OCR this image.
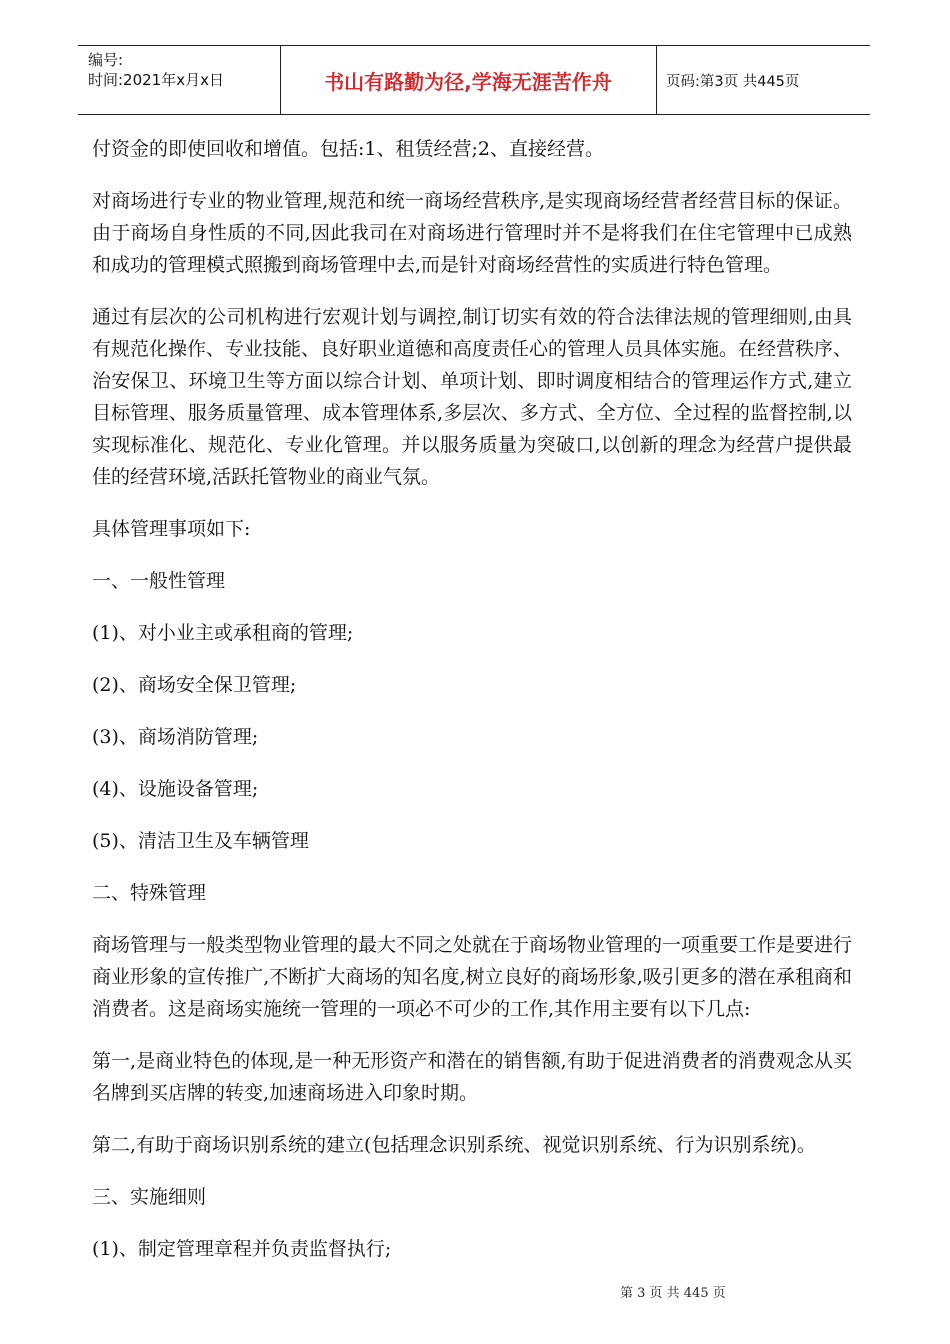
编号:
时间:2021年x月x日	书山有路勤为径,学海无涯苦作舟	页码:第3页 共445页

付资金的即使回收和增值。包括:1、租赁经营;2、直接经营。

对商场进行专业的物业管理,规范和统一商场经营秩序,是实现商场经营者经营目标的保证。由于商场自身性质的不同,因此我司在对商场进行管理时并不是将我们在住宅管理中已成熟和成功的管理模式照搬到商场管理中去,而是针对商场经营性的实质进行特色管理。

通过有层次的公司机构进行宏观计划与调控,制订切实有效的符合法律法规的管理细则,由具有规范化操作、专业技能、良好职业道德和高度责任心的管理人员具体实施。在经营秩序、治安保卫、环境卫生等方面以综合计划、单项计划、即时调度相结合的管理运作方式,建立目标管理、服务质量管理、成本管理体系,多层次、多方式、全方位、全过程的监督控制,以实现标准化、规范化、专业化管理。并以服务质量为突破口,以创新的理念为经营户提供最佳的经营环境,活跃托管物业的商业气氛。

具体管理事项如下:

一、一般性管理

(1)、对小业主或承租商的管理;

(2)、商场安全保卫管理;

(3)、商场消防管理;

(4)、设施设备管理;

(5)、清洁卫生及车辆管理

二、特殊管理

商场管理与一般类型物业管理的最大不同之处就在于商场物业管理的一项重要工作是要进行商业形象的宣传推广,不断扩大商场的知名度,树立良好的商场形象,吸引更多的潜在承租商和消费者。这是商场实施统一管理的一项必不可少的工作,其作用主要有以下几点:

第一,是商业特色的体现,是一种无形资产和潜在的销售额,有助于促进消费者的消费观念从买名牌到买店牌的转变,加速商场进入印象时期。

第二,有助于商场识别系统的建立(包括理念识别系统、视觉识别系统、行为识别系统)。

三、实施细则

(1)、制定管理章程并负责监督执行;

第 3 页 共 445 页
